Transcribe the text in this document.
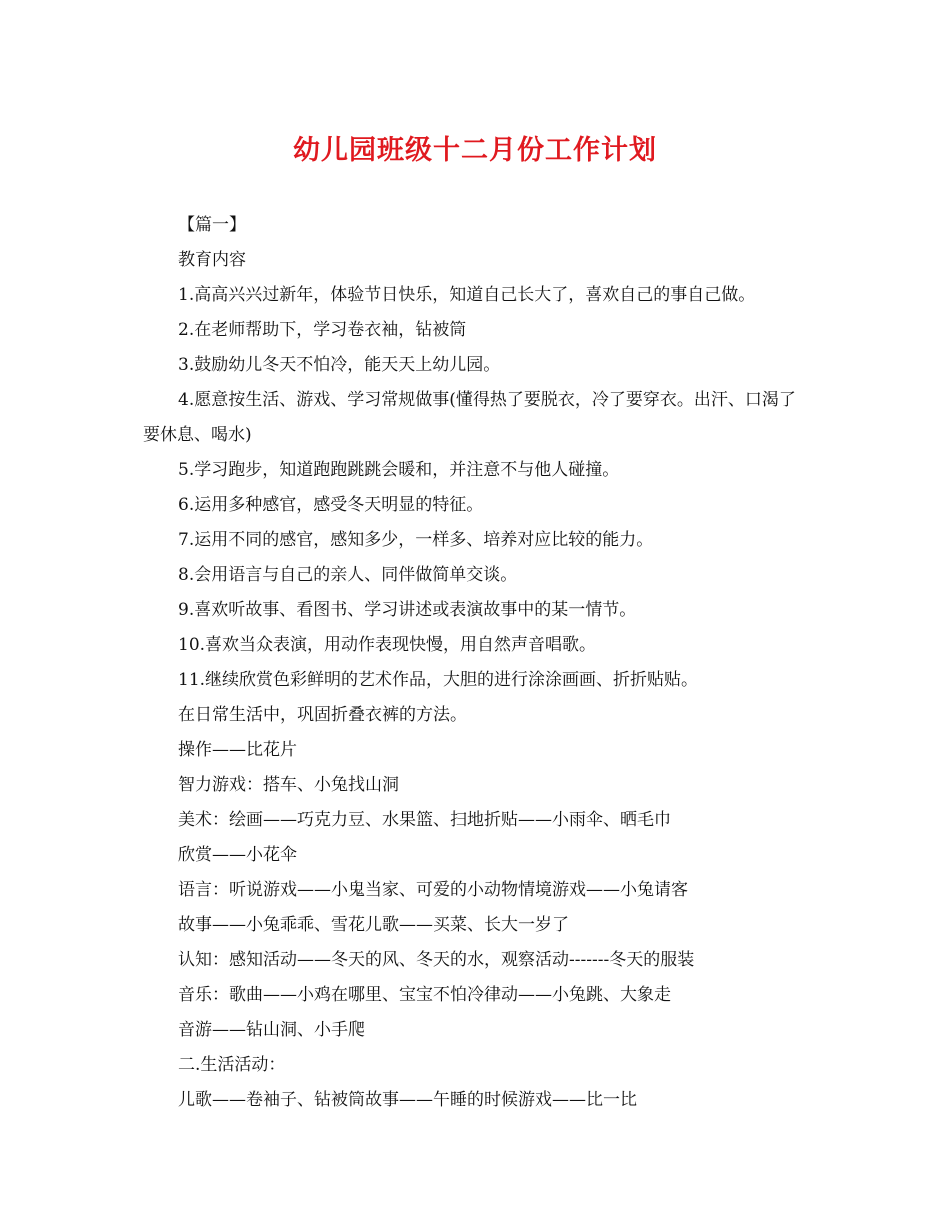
幼儿园班级十二月份工作计划
【篇一】
教育内容
1.高高兴兴过新年，体验节日快乐，知道自己长大了，喜欢自己的事自己做。
2.在老师帮助下，学习卷衣袖，钻被筒
3.鼓励幼儿冬天不怕冷，能天天上幼儿园。
4.愿意按生活、游戏、学习常规做事(懂得热了要脱衣，冷了要穿衣。出汗、口渴了要休息、喝水)
5.学习跑步，知道跑跑跳跳会暖和，并注意不与他人碰撞。
6.运用多种感官，感受冬天明显的特征。
7.运用不同的感官，感知多少，一样多、培养对应比较的能力。
8.会用语言与自己的亲人、同伴做简单交谈。
9.喜欢听故事、看图书、学习讲述或表演故事中的某一情节。
10.喜欢当众表演，用动作表现快慢，用自然声音唱歌。
11.继续欣赏色彩鲜明的艺术作品，大胆的进行涂涂画画、折折贴贴。
在日常生活中，巩固折叠衣裤的方法。
操作——比花片
智力游戏：搭车、小兔找山洞
美术：绘画——巧克力豆、水果篮、扫地折贴——小雨伞、晒毛巾
欣赏——小花伞
语言：听说游戏——小鬼当家、可爱的小动物情境游戏——小兔请客
故事——小兔乖乖、雪花儿歌——买菜、长大一岁了
认知：感知活动——冬天的风、冬天的水，观察活动-------冬天的服装
音乐：歌曲——小鸡在哪里、宝宝不怕冷律动——小兔跳、大象走
音游——钻山洞、小手爬
二.生活活动：
儿歌——卷袖子、钻被筒故事——午睡的时候游戏——比一比
